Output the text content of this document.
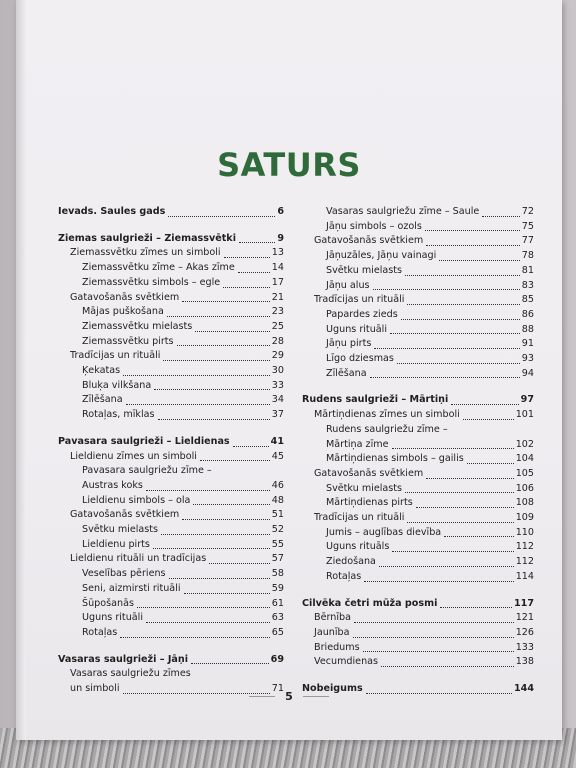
SATURS
Ievads. Saules gads	6
Ziemas saulgrieži – Ziemassvētki	9
Ziemassvētku zīmes un simboli	13
Ziemassvētku zīme – Akas zīme	14
Ziemassvētku simbols – egle	17
Gatavošanās svētkiem	21
Mājas puškošana	23
Ziemassvētku mielasts	25
Ziemassvētku pirts	28
Tradīcijas un rituāli	29
Ķekatas	30
Bluķa vilkšana	33
Zīlēšana	34
Rotaļas, mīklas	37
Pavasara saulgrieži – Lieldienas	41
Lieldienu zīmes un simboli	45
Pavasara saulgriežu zīme –
Austras koks	46
Lieldienu simbols – ola	48
Gatavošanās svētkiem	51
Svētku mielasts	52
Lieldienu pirts	55
Lieldienu rituāli un tradīcijas	57
Veselības pēriens	58
Seni, aizmirsti rituāli	59
Šūpošanās	61
Uguns rituāli	63
Rotaļas	65
Vasaras saulgrieži – Jāņi	69
Vasaras saulgriežu zīmes
un simboli	71
Vasaras saulgriežu zīme – Saule	72
Jāņu simbols – ozols	75
Gatavošanās svētkiem	77
Jāņuzāles, Jāņu vainagi	78
Svētku mielasts	81
Jāņu alus	83
Tradīcijas un rituāli	85
Papardes zieds	86
Uguns rituāli	88
Jāņu pirts	91
Līgo dziesmas	93
Zīlēšana	94
Rudens saulgrieži – Mārtiņi	97
Mārtiņdienas zīmes un simboli	101
Rudens saulgriežu zīme –
Mārtiņa zīme	102
Mārtiņdienas simbols – gailis	104
Gatavošanās svētkiem	105
Svētku mielasts	106
Mārtiņdienas pirts	108
Tradīcijas un rituāli	109
Jumis – auglības dievība	110
Uguns rituāls	112
Ziedošana	112
Rotaļas	114
Cilvēka četri mūža posmi	117
Bērnība	121
Jaunība	126
Briedums	133
Vecumdienas	138
Nobeigums	144
5
